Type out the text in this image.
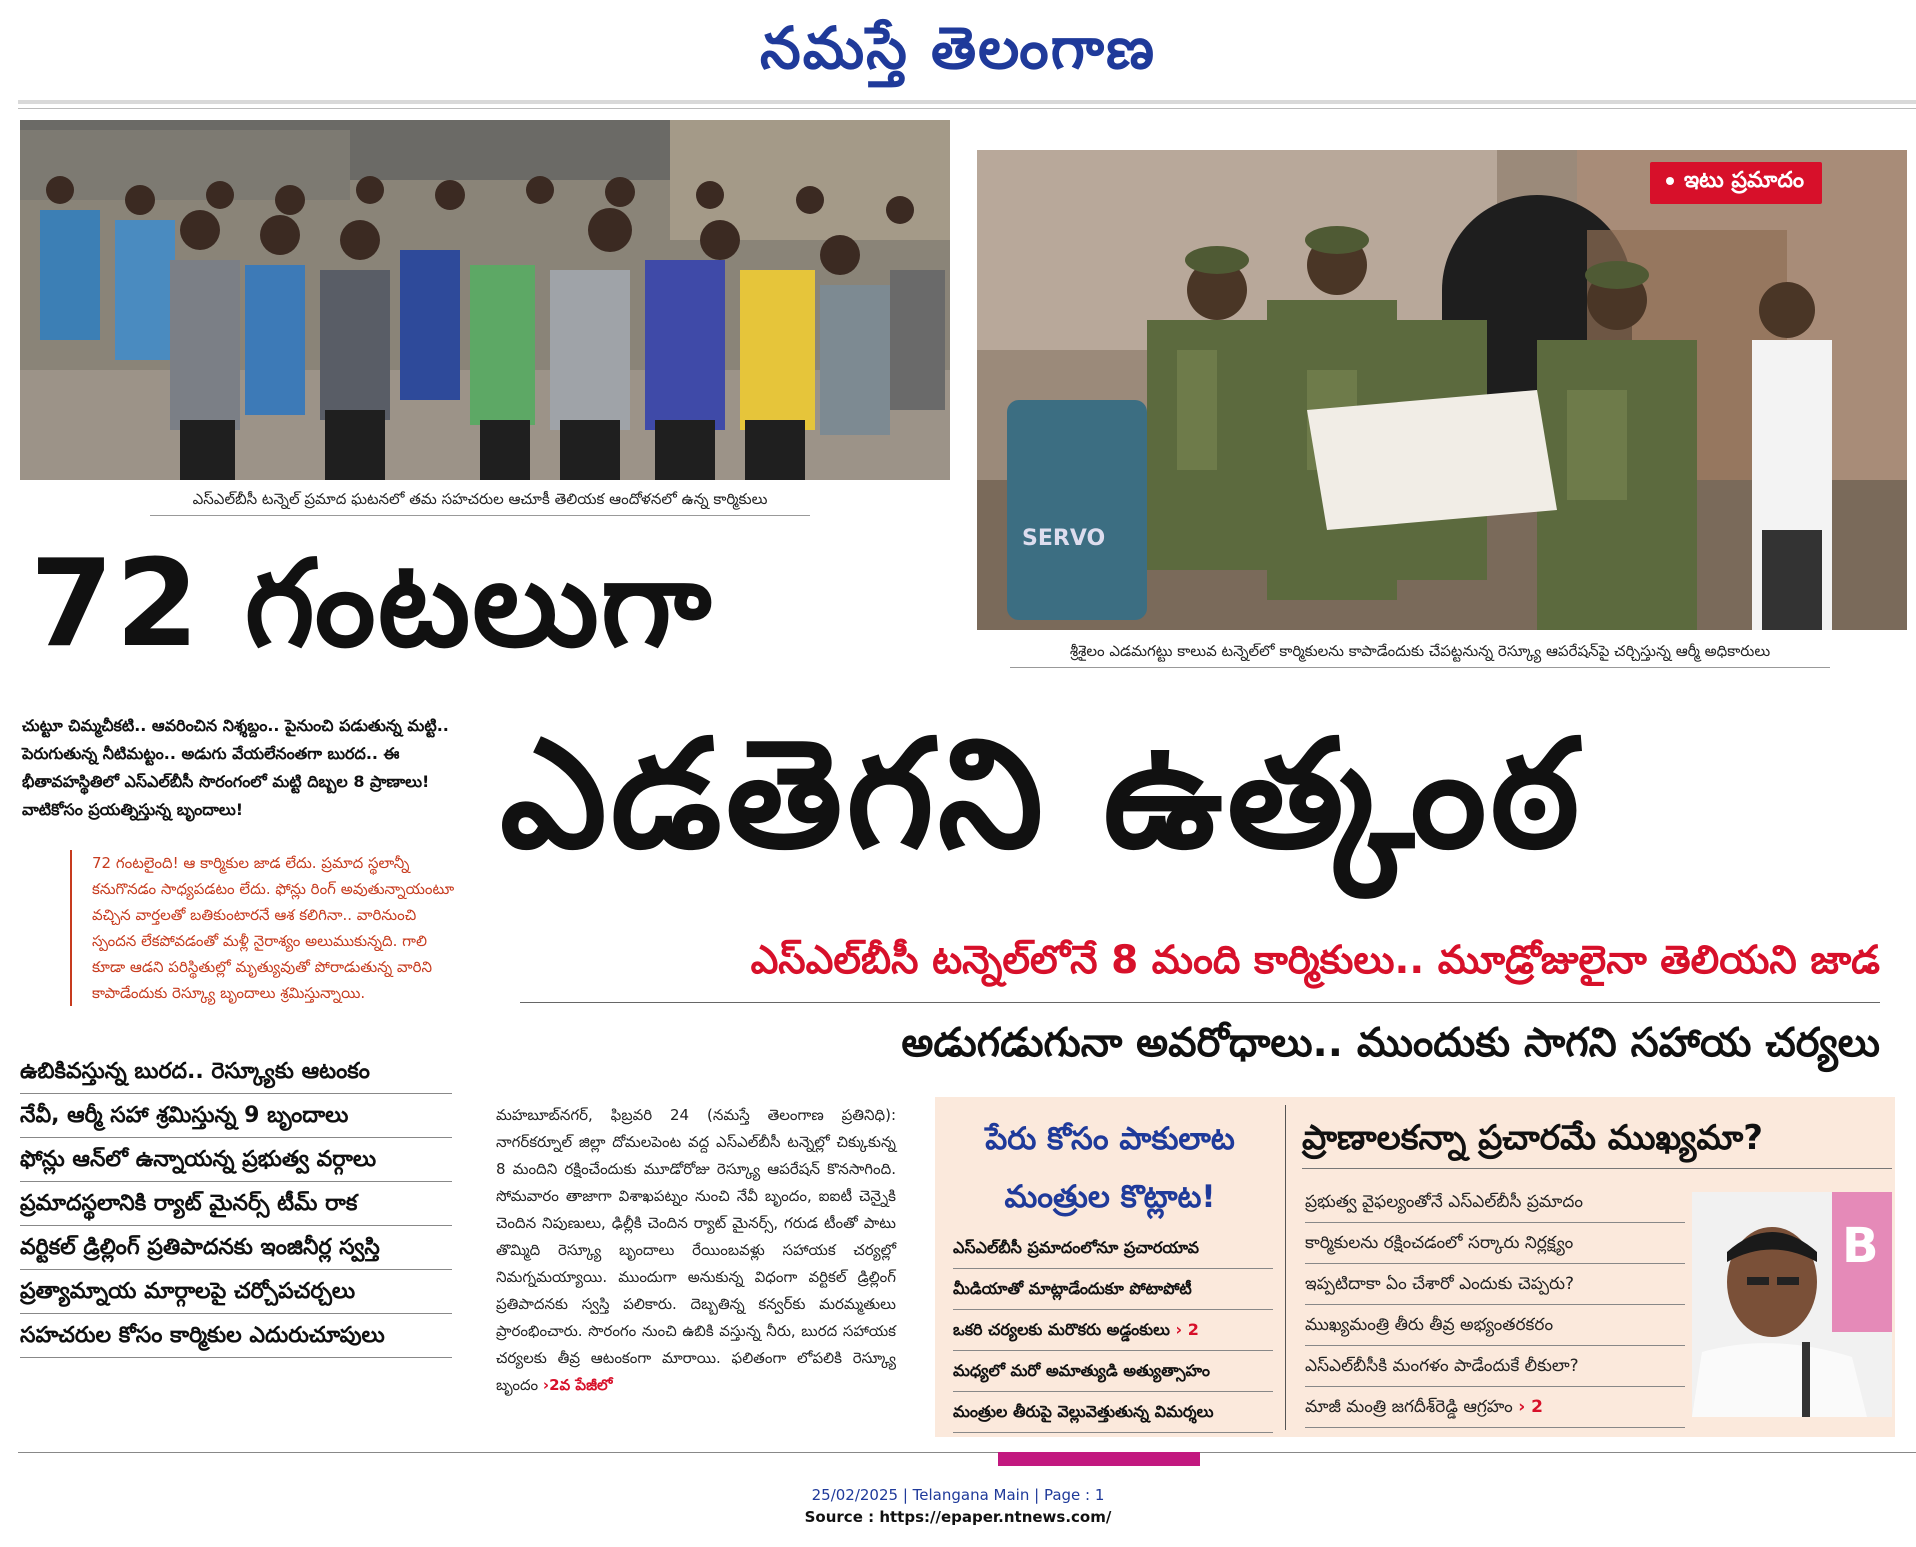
నమస్తే తెలంగాణ
ఎస్ఎల్‌బీసీ టన్నెల్ ప్రమాద ఘటనలో తమ సహచరుల ఆచూకీ తెలియక ఆందోళనలో ఉన్న కార్మికులు
SERVO
ఇటు ప్రమాదం
శ్రీశైలం ఎడమగట్టు కాలువ టన్నెల్‌లో కార్మికులను కాపాడేందుకు చేపట్టనున్న రెస్క్యూ ఆపరేషన్‌పై చర్చిస్తున్న ఆర్మీ అధికారులు
72 గంటలుగా
ఎడతెగని ఉత్కంఠ
ఎస్ఎల్‌బీసీ టన్నెల్‌లోనే 8 మంది కార్మికులు.. మూడ్రోజులైనా తెలియని జాడ
అడుగడుగునా అవరోధాలు.. ముందుకు సాగని సహాయ చర్యలు
చుట్టూ చిమ్మచీకటి.. ఆవరించిన నిశ్శబ్దం.. పైనుంచి పడుతున్న మట్టి.. పెరుగుతున్న నీటిమట్టం.. అడుగు వేయలేనంతగా బురద.. ఈ భీతావహస్థితిలో ఎస్ఎల్‌బీసీ సొరంగంలో మట్టి దిబ్బల 8 ప్రాణాలు! వాటికోసం ప్రయత్నిస్తున్న బృందాలు!
72 గంటలైంది! ఆ కార్మికుల జాడ లేదు. ప్రమాద స్థలాన్నీ కనుగొనడం సాధ్యపడటం లేదు. ఫోన్లు రింగ్ అవుతున్నాయంటూ వచ్చిన వార్తలతో బతికుంటారనే ఆశ కలిగినా.. వారినుంచి స్పందన లేకపోవడంతో మళ్లీ నైరాశ్యం అలుముకున్నది. గాలి కూడా ఆడని పరిస్థితుల్లో మృత్యువుతో పోరాడుతున్న వారిని కాపాడేందుకు రెస్క్యూ బృందాలు శ్రమిస్తున్నాయి.
ఉబికివస్తున్న బురద.. రెస్క్యూకు ఆటంకం
నేవీ, ఆర్మీ సహా శ్రమిస్తున్న 9 బృందాలు
ఫోన్లు ఆన్‌లో ఉన్నాయన్న ప్రభుత్వ వర్గాలు
ప్రమాదస్థలానికి ర్యాట్ మైనర్స్ టీమ్ రాక
వర్టికల్ డ్రిల్లింగ్ ప్రతిపాదనకు ఇంజినీర్ల స్వస్తి
ప్రత్యామ్నాయ మార్గాలపై చర్చోపచర్చలు
సహచరుల కోసం కార్మికుల ఎదురుచూపులు
మహబూబ్‌నగర్, ఫిబ్రవరి 24 (నమస్తే తెలంగాణ ప్రతినిధి): నాగర్‌కర్నూల్ జిల్లా దోమలపెంట వద్ద ఎస్ఎల్‌బీసీ టన్నెల్లో చిక్కుకున్న 8 మందిని రక్షించేందుకు మూడోరోజు రెస్క్యూ ఆపరేషన్ కొనసాగింది. సోమవారం తాజాగా విశాఖపట్నం నుంచి నేవీ బృందం, ఐఐటీ చెన్నైకి చెందిన నిపుణులు, ఢిల్లీకి చెందిన ర్యాట్ మైనర్స్, గరుడ టీంతో పాటు తొమ్మిది రెస్క్యూ బృందాలు రేయింబవళ్లు సహాయక చర్యల్లో నిమగ్నమయ్యాయి. ముందుగా అనుకున్న విధంగా వర్టికల్ డ్రిల్లింగ్ ప్రతిపాదనకు స్వస్తి పలికారు. దెబ్బతిన్న కన్వర్‌కు మరమ్మతులు ప్రారంభించారు. సొరంగం నుంచి ఉబికి వస్తున్న నీరు, బురద సహాయక చర్యలకు తీవ్ర ఆటంకంగా మారాయి. ఫలితంగా లోపలికి రెస్క్యూ బృందం ›2వ పేజీలో
పేరు కోసం పాకులాట మంత్రుల కొట్లాట!
ఎస్ఎల్‌బీసీ ప్రమాదంలోనూ ప్రచారయావ
మీడియాతో మాట్లాడేందుకూ పోటాపోటీ
ఒకరి చర్యలకు మరొకరు అడ్డంకులు › 2
మధ్యలో మరో అమాత్యుడి అత్యుత్సాహం
మంత్రుల తీరుపై వెల్లువెత్తుతున్న విమర్శలు
ప్రాణాలకన్నా ప్రచారమే ముఖ్యమా?
ప్రభుత్వ వైఫల్యంతోనే ఎస్ఎల్‌బీసీ ప్రమాదం
కార్మికులను రక్షించడంలో సర్కారు నిర్లక్ష్యం
ఇప్పటిదాకా ఏం చేశారో ఎందుకు చెప్పరు?
ముఖ్యమంత్రి తీరు తీవ్ర అభ్యంతరకరం
ఎస్ఎల్‌బీసీకి మంగళం పాడేందుకే లీకులా?
మాజీ మంత్రి జగదీశ్‌రెడ్డి ఆగ్రహం › 2
B
25/02/2025 | Telangana Main | Page : 1
Source : https://epaper.ntnews.com/
